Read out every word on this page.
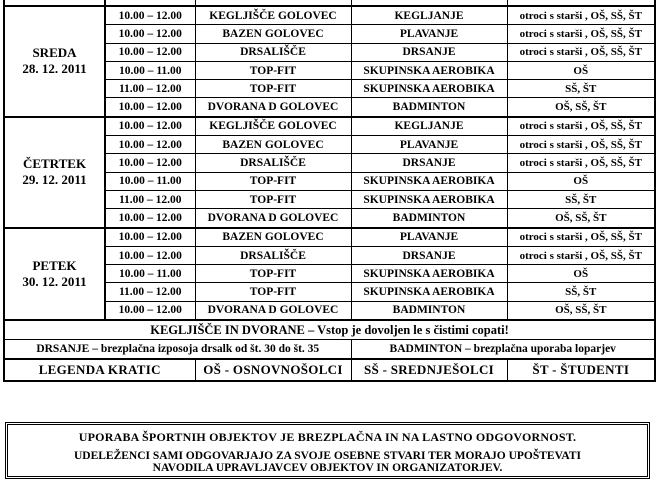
SREDA
28. 12. 2011	10.00 – 12.00	KEGLJIŠČE GOLOVEC	KEGLJANJE	otroci s starši , OŠ, SŠ, ŠT
	10.00 – 12.00	BAZEN GOLOVEC	PLAVANJE	otroci s starši , OŠ, SŠ, ŠT
	10.00 – 12.00	DRSALIŠČE	DRSANJE	otroci s starši , OŠ, SŠ, ŠT
	10.00 – 11.00	TOP-FIT	SKUPINSKA AEROBIKA	OŠ
	11.00 – 12.00	TOP-FIT	SKUPINSKA AEROBIKA	SŠ, ŠT
	10.00 – 12.00	DVORANA D GOLOVEC	BADMINTON	OŠ, SŠ, ŠT

ČETRTEK
29. 12. 2011	10.00 – 12.00	KEGLJIŠČE GOLOVEC	KEGLJANJE	otroci s starši , OŠ, SŠ, ŠT
	10.00 – 12.00	BAZEN GOLOVEC	PLAVANJE	otroci s starši , OŠ, SŠ, ŠT
	10.00 – 12.00	DRSALIŠČE	DRSANJE	otroci s starši , OŠ, SŠ, ŠT
	10.00 – 11.00	TOP-FIT	SKUPINSKA AEROBIKA	OŠ
	11.00 – 12.00	TOP-FIT	SKUPINSKA AEROBIKA	SŠ, ŠT
	10.00 – 12.00	DVORANA D GOLOVEC	BADMINTON	OŠ, SŠ, ŠT

PETEK
30. 12. 2011	10.00 – 12.00	BAZEN GOLOVEC	PLAVANJE	otroci s starši , OŠ, SŠ, ŠT
	10.00 – 12.00	DRSALIŠČE	DRSANJE	otroci s starši , OŠ, SŠ, ŠT
	10.00 – 11.00	TOP-FIT	SKUPINSKA AEROBIKA	OŠ
	11.00 – 12.00	TOP-FIT	SKUPINSKA AEROBIKA	SŠ, ŠT
	10.00 – 12.00	DVORANA D GOLOVEC	BADMINTON	OŠ, SŠ, ŠT
KEGLJIŠČE IN DVORANE – Vstop je dovoljen le s čistimi copati!				
DRSANJE – brezplačna izposoja drsalk od št. 30 do št. 35			BADMINTON – brezplačna uporaba loparjev	
LEGENDA KRATIC		OŠ - OSNOVNOŠOLCI	SŠ - SREDNJEŠOLCI	ŠT - ŠTUDENTI
UPORABA ŠPORTNIH OBJEKTOV JE BREZPLAČNA IN NA LASTNO ODGOVORNOST.
UDELEŽENCI SAMI ODGOVARJAJO ZA SVOJE OSEBNE STVARI TER MORAJO UPOŠTEVATI
NAVODILA UPRAVLJAVCEV OBJEKTOV IN ORGANIZATORJEV.
